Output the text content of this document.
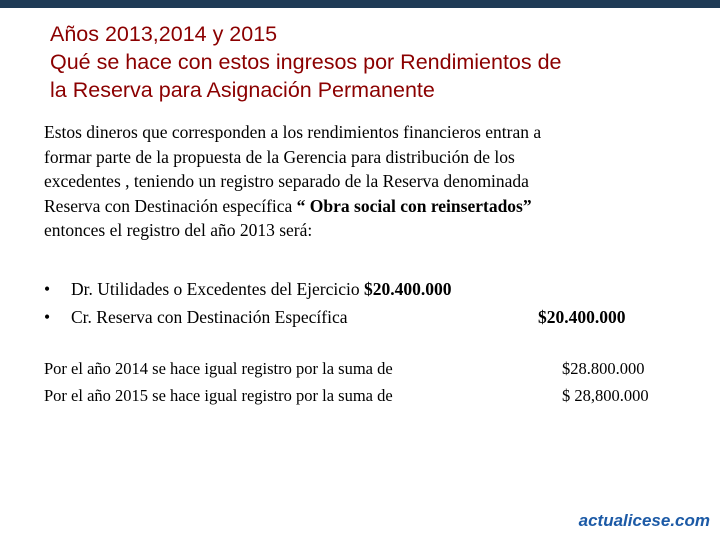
Años 2013,2014 y 2015
Qué se hace con estos ingresos por Rendimientos de
la Reserva para Asignación Permanente
Estos dineros que corresponden a los rendimientos financieros entran a
formar parte de la propuesta de la Gerencia para distribución de los
excedentes , teniendo un registro separado de la Reserva denominada
Reserva con Destinación específica “ Obra social con reinsertados”
entonces el registro del año 2013 será:
• Dr. Utilidades o Excedentes del Ejercicio $20.400.000
• Cr. Reserva con Destinación Específica	$20.400.000
Por el año 2014 se hace igual registro por la suma de	$28.800.000
Por el año 2015 se hace igual registro por la suma de	$ 28,800.000
actualicese.com
